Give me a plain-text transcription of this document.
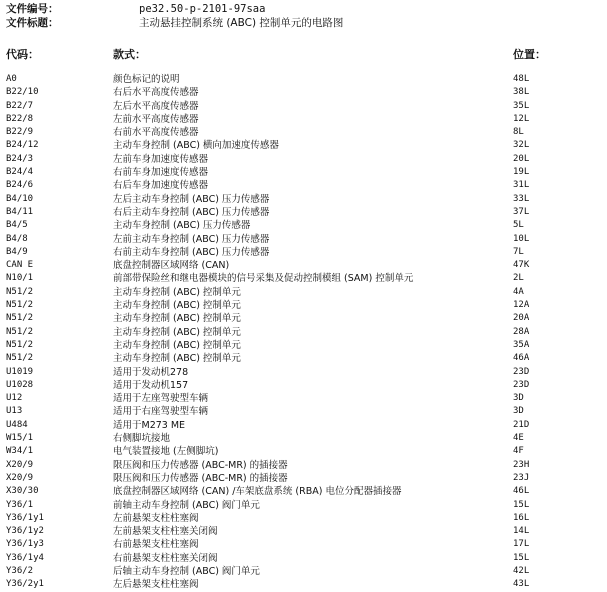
文件编号：	pe32.50-p-2101-97saa
文件标题：	主动悬挂控制系统 (ABC) 控制单元的电路图
代码：	款式：	位置：
A0	颜色标记的说明	48L
B22/10	右后水平高度传感器	38L
B22/7	左后水平高度传感器	35L
B22/8	左前水平高度传感器	12L
B22/9	右前水平高度传感器	8L
B24/12	主动车身控制 (ABC) 横向加速度传感器	32L
B24/3	左前车身加速度传感器	20L
B24/4	右前车身加速度传感器	19L
B24/6	右后车身加速度传感器	31L
B4/10	左后主动车身控制 (ABC) 压力传感器	33L
B4/11	右后主动车身控制 (ABC) 压力传感器	37L
B4/5	主动车身控制 (ABC) 压力传感器	5L
B4/8	左前主动车身控制 (ABC) 压力传感器	10L
B4/9	右前主动车身控制 (ABC) 压力传感器	7L
CAN E	底盘控制器区域网络 (CAN)	47K
N10/1	前部带保险丝和继电器模块的信号采集及促动控制模组 (SAM) 控制单元	2L
N51/2	主动车身控制 (ABC) 控制单元	4A
N51/2	主动车身控制 (ABC) 控制单元	12A
N51/2	主动车身控制 (ABC) 控制单元	20A
N51/2	主动车身控制 (ABC) 控制单元	28A
N51/2	主动车身控制 (ABC) 控制单元	35A
N51/2	主动车身控制 (ABC) 控制单元	46A
U1019	适用于发动机278	23D
U1028	适用于发动机157	23D
U12	适用于左座驾驶型车辆	3D
U13	适用于右座驾驶型车辆	3D
U484	适用于M273 ME	21D
W15/1	右侧脚坑接地	4E
W34/1	电气装置接地 (左侧脚坑)	4F
X20/9	限压阀和压力传感器 (ABC-MR) 的插接器	23H
X20/9	限压阀和压力传感器 (ABC-MR) 的插接器	23J
X30/30	底盘控制器区域网络 (CAN) /车架底盘系统 (RBA) 电位分配器插接器	46L
Y36/1	前轴主动车身控制 (ABC) 阀门单元	15L
Y36/1y1	左前悬架支柱柱塞阀	16L
Y36/1y2	左前悬架支柱柱塞关闭阀	14L
Y36/1y3	右前悬架支柱柱塞阀	17L
Y36/1y4	右前悬架支柱柱塞关闭阀	15L
Y36/2	后轴主动车身控制 (ABC) 阀门单元	42L
Y36/2y1	左后悬架支柱柱塞阀	43L
